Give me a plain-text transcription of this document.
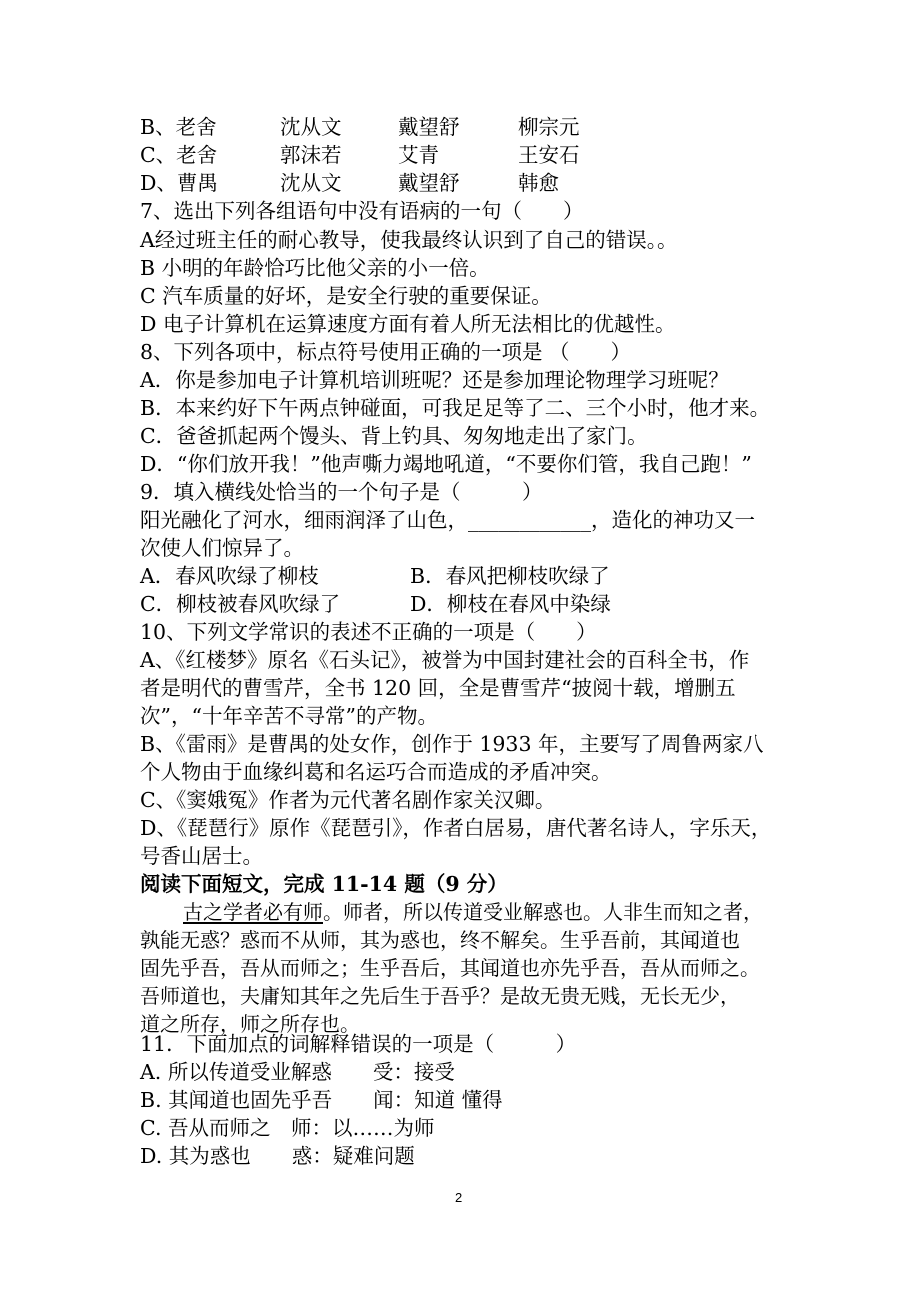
B、老舍	沈从文	戴望舒	柳宗元
C、老舍	郭沫若	艾青	王安石
D、曹禺	沈从文	戴望舒	韩愈
7、选出下列各组语句中没有语病的一句（　　）
A经过班主任的耐心教导，使我最终认识到了自己的错误。。
B 小明的年龄恰巧比他父亲的小一倍。
C 汽车质量的好坏，是安全行驶的重要保证。
D 电子计算机在运算速度方面有着人所无法相比的优越性。
8、下列各项中，标点符号使用正确的一项是 （　　）
A．你是参加电子计算机培训班呢？还是参加理论物理学习班呢？
B．本来约好下午两点钟碰面，可我足足等了二、三个小时，他才来。
C．爸爸抓起两个馒头、背上钓具、匆匆地走出了家门。
D．“你们放开我！”他声嘶力竭地吼道，“不要你们管，我自己跑！”
9．填入横线处恰当的一个句子是（　　　）
阳光融化了河水，细雨润泽了山色，____________，造化的神功又一
次使人们惊异了。
A．春风吹绿了柳枝	B．春风把柳枝吹绿了
C．柳枝被春风吹绿了	D．柳枝在春风中染绿
10、下列文学常识的表述不正确的一项是（　　）
A、《红楼梦》原名《石头记》，被誉为中国封建社会的百科全书，作
者是明代的曹雪芹，全书 120 回，全是曹雪芹“披阅十载，增删五
次”，“十年辛苦不寻常”的产物。
B、《雷雨》是曹禺的处女作，创作于 1933 年，主要写了周鲁两家八
个人物由于血缘纠葛和名运巧合而造成的矛盾冲突。
C、《窦娥冤》作者为元代著名剧作家关汉卿。
D、《琵琶行》原作《琵琶引》，作者白居易，唐代著名诗人，字乐天，
号香山居士。
阅读下面短文，完成 11-14 题（9 分）
古之学者必有师。师者，所以传道受业解惑也。人非生而知之者，
孰能无惑？惑而不从师，其为惑也，终不解矣。生乎吾前，其闻道也
固先乎吾，吾从而师之；生乎吾后，其闻道也亦先乎吾，吾从而师之。
吾师道也，夫庸知其年之先后生于吾乎？是故无贵无贱，无长无少，
道之所存，师之所存也。
11．下面加点的词解释错误的一项是（　　　）
A. 所以传道受业解惑　　受：接受
B. 其闻道也固先乎吾　　闻：知道 懂得
C. 吾从而师之　师：以……为师
D. 其为惑也　　惑：疑难问题
2
